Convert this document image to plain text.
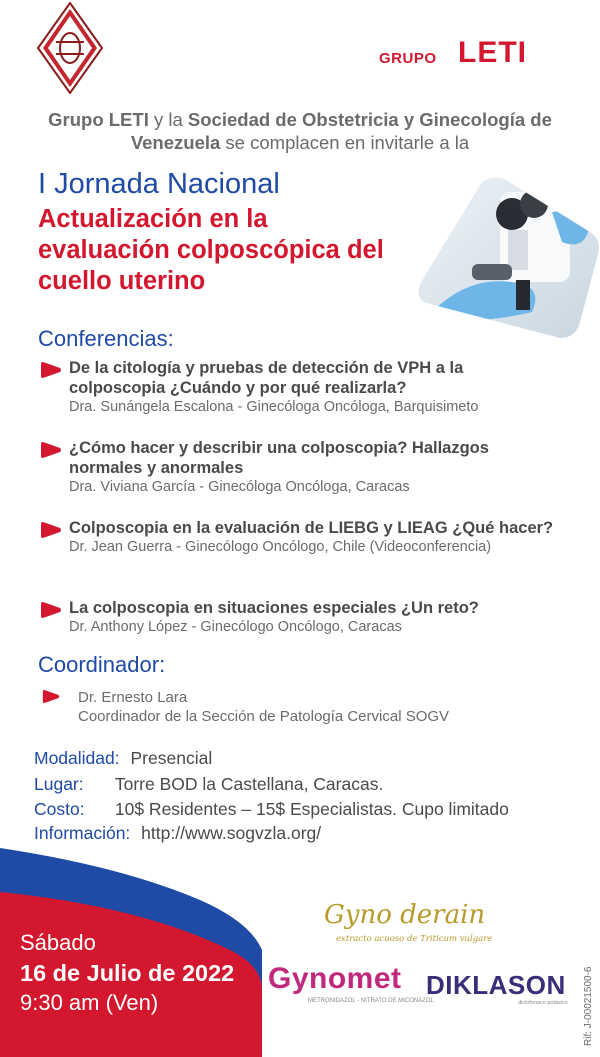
GRUPO LETI
Grupo LETI y la Sociedad de Obstetricia y Ginecología de Venezuela se complacen en invitarle a la
I Jornada Nacional
Actualización en la evaluación colposcópica del cuello uterino
Conferencias:
De la citología y pruebas de detección de VPH a la colposcopia ¿Cuándo y por qué realizarla?
Dra. Sunángela Escalona - Ginecóloga Oncóloga, Barquisimeto
¿Cómo hacer y describir una colposcopia? Hallazgos normales y anormales
Dra. Viviana García - Ginecóloga Oncóloga, Caracas
Colposcopia en la evaluación de LIEBG y LIEAG ¿Qué hacer?
Dr. Jean Guerra - Ginecólogo Oncólogo, Chile (Videoconferencia)
La colposcopia en situaciones especiales ¿Un reto?
Dr. Anthony López - Ginecólogo Oncólogo, Caracas
Coordinador:
Dr. Ernesto Lara
Coordinador de la Sección de Patología Cervical SOGV
Modalidad: Presencial
Lugar: Torre BOD la Castellana, Caracas.
Costo: 10$ Residentes – 15$ Especialistas. Cupo limitado
Información: http://www.sogvzla.org/
Sábado
16 de Julio de 2022
9:30 am (Ven)
Gyno derain
extracto acuoso de Triticum vulgare
Gynomet
METRONIDAZOL - NITRATO DE MICONAZOL
DIKLASON
diclofenaco potásico Rif: J-00021500-6
